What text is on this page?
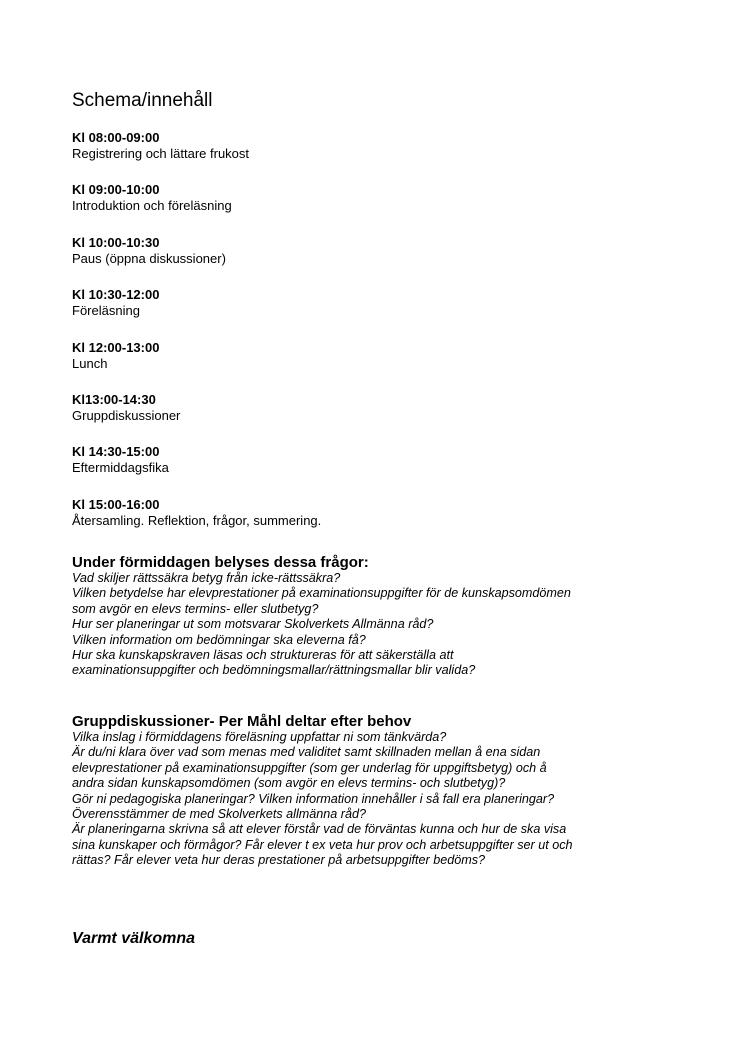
Schema/innehåll
Kl 08:00-09:00
Registrering och lättare frukost
Kl 09:00-10:00
Introduktion och föreläsning
Kl 10:00-10:30
Paus (öppna diskussioner)
Kl 10:30-12:00
Föreläsning
Kl 12:00-13:00
Lunch
Kl13:00-14:30
Gruppdiskussioner
Kl 14:30-15:00
Eftermiddagsfika
Kl 15:00-16:00
Återsamling. Reflektion, frågor, summering.
Under förmiddagen belyses dessa frågor:
Vad skiljer rättssäkra betyg från icke-rättssäkra?
Vilken betydelse har elevprestationer på examinationsuppgifter för de kunskapsomdömen
som avgör en elevs termins- eller slutbetyg?
Hur ser planeringar ut som motsvarar Skolverkets Allmänna råd?
Vilken information om bedömningar ska eleverna få?
Hur ska kunskapskraven läsas och struktureras för att säkerställa att
examinationsuppgifter och bedömningsmallar/rättningsmallar blir valida?
Gruppdiskussioner- Per Måhl deltar efter behov
Vilka inslag i förmiddagens föreläsning uppfattar ni som tänkvärda?
Är du/ni klara över vad som menas med validitet samt skillnaden mellan å ena sidan
elevprestationer på examinationsuppgifter (som ger underlag för uppgiftsbetyg) och å
andra sidan kunskapsomdömen (som avgör en elevs termins- och slutbetyg)?
Gör ni pedagogiska planeringar? Vilken information innehåller i så fall era planeringar?
Överensstämmer de med Skolverkets allmänna råd?
Är planeringarna skrivna så att elever förstår vad de förväntas kunna och hur de ska visa
sina kunskaper och förmågor? Får elever t ex veta hur prov och arbetsuppgifter ser ut och
rättas? Får elever veta hur deras prestationer på arbetsuppgifter bedöms?
Varmt välkomna
